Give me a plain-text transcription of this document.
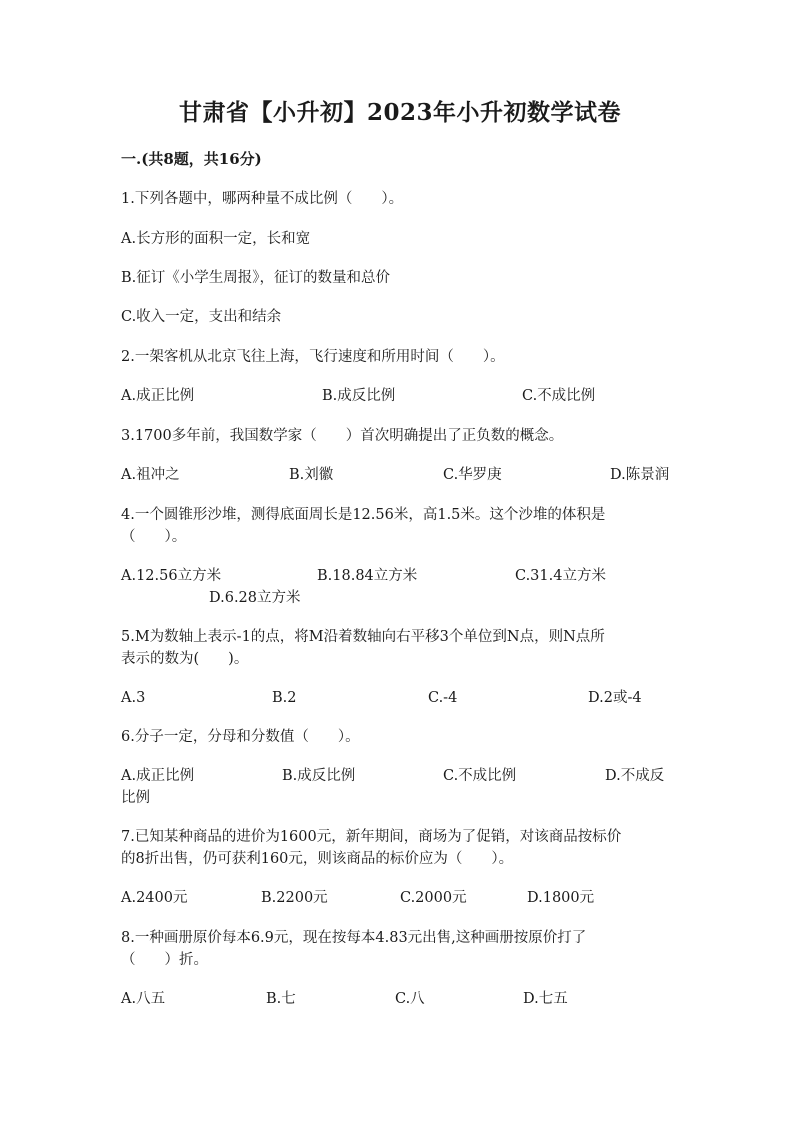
甘肃省【小升初】2023年小升初数学试卷
一.(共8题，共16分)
1.下列各题中，哪两种量不成比例（　　）。
A.长方形的面积一定，长和宽
B.征订《小学生周报》，征订的数量和总价
C.收入一定，支出和结余
2.一架客机从北京飞往上海，飞行速度和所用时间（　　）。
A.成正比例	B.成反比例	C.不成比例
3.1700多年前，我国数学家（　　）首次明确提出了正负数的概念。
A.祖冲之	B.刘徽	C.华罗庚	D.陈景润
4.一个圆锥形沙堆，测得底面周长是12.56米，高1.5米。这个沙堆的体积是
（　　）。
A.12.56立方米	B.18.84立方米	C.31.4立方米
D.6.28立方米
5.M为数轴上表示-1的点，将M沿着数轴向右平移3个单位到N点，则N点所
表示的数为(　　)。
A.3	B.2	C.-4	D.2或-4
6.分子一定，分母和分数值（　　）。
A.成正比例	B.成反比例	C.不成比例	D.不成反
比例
7.已知某种商品的进价为1600元，新年期间，商场为了促销，对该商品按标价
的8折出售，仍可获利160元，则该商品的标价应为（　　）。
A.2400元	B.2200元	C.2000元	D.1800元
8.一种画册原价每本6.9元，现在按每本4.83元出售,这种画册按原价打了
（　　）折。
A.八五	B.七	C.八	D.七五
